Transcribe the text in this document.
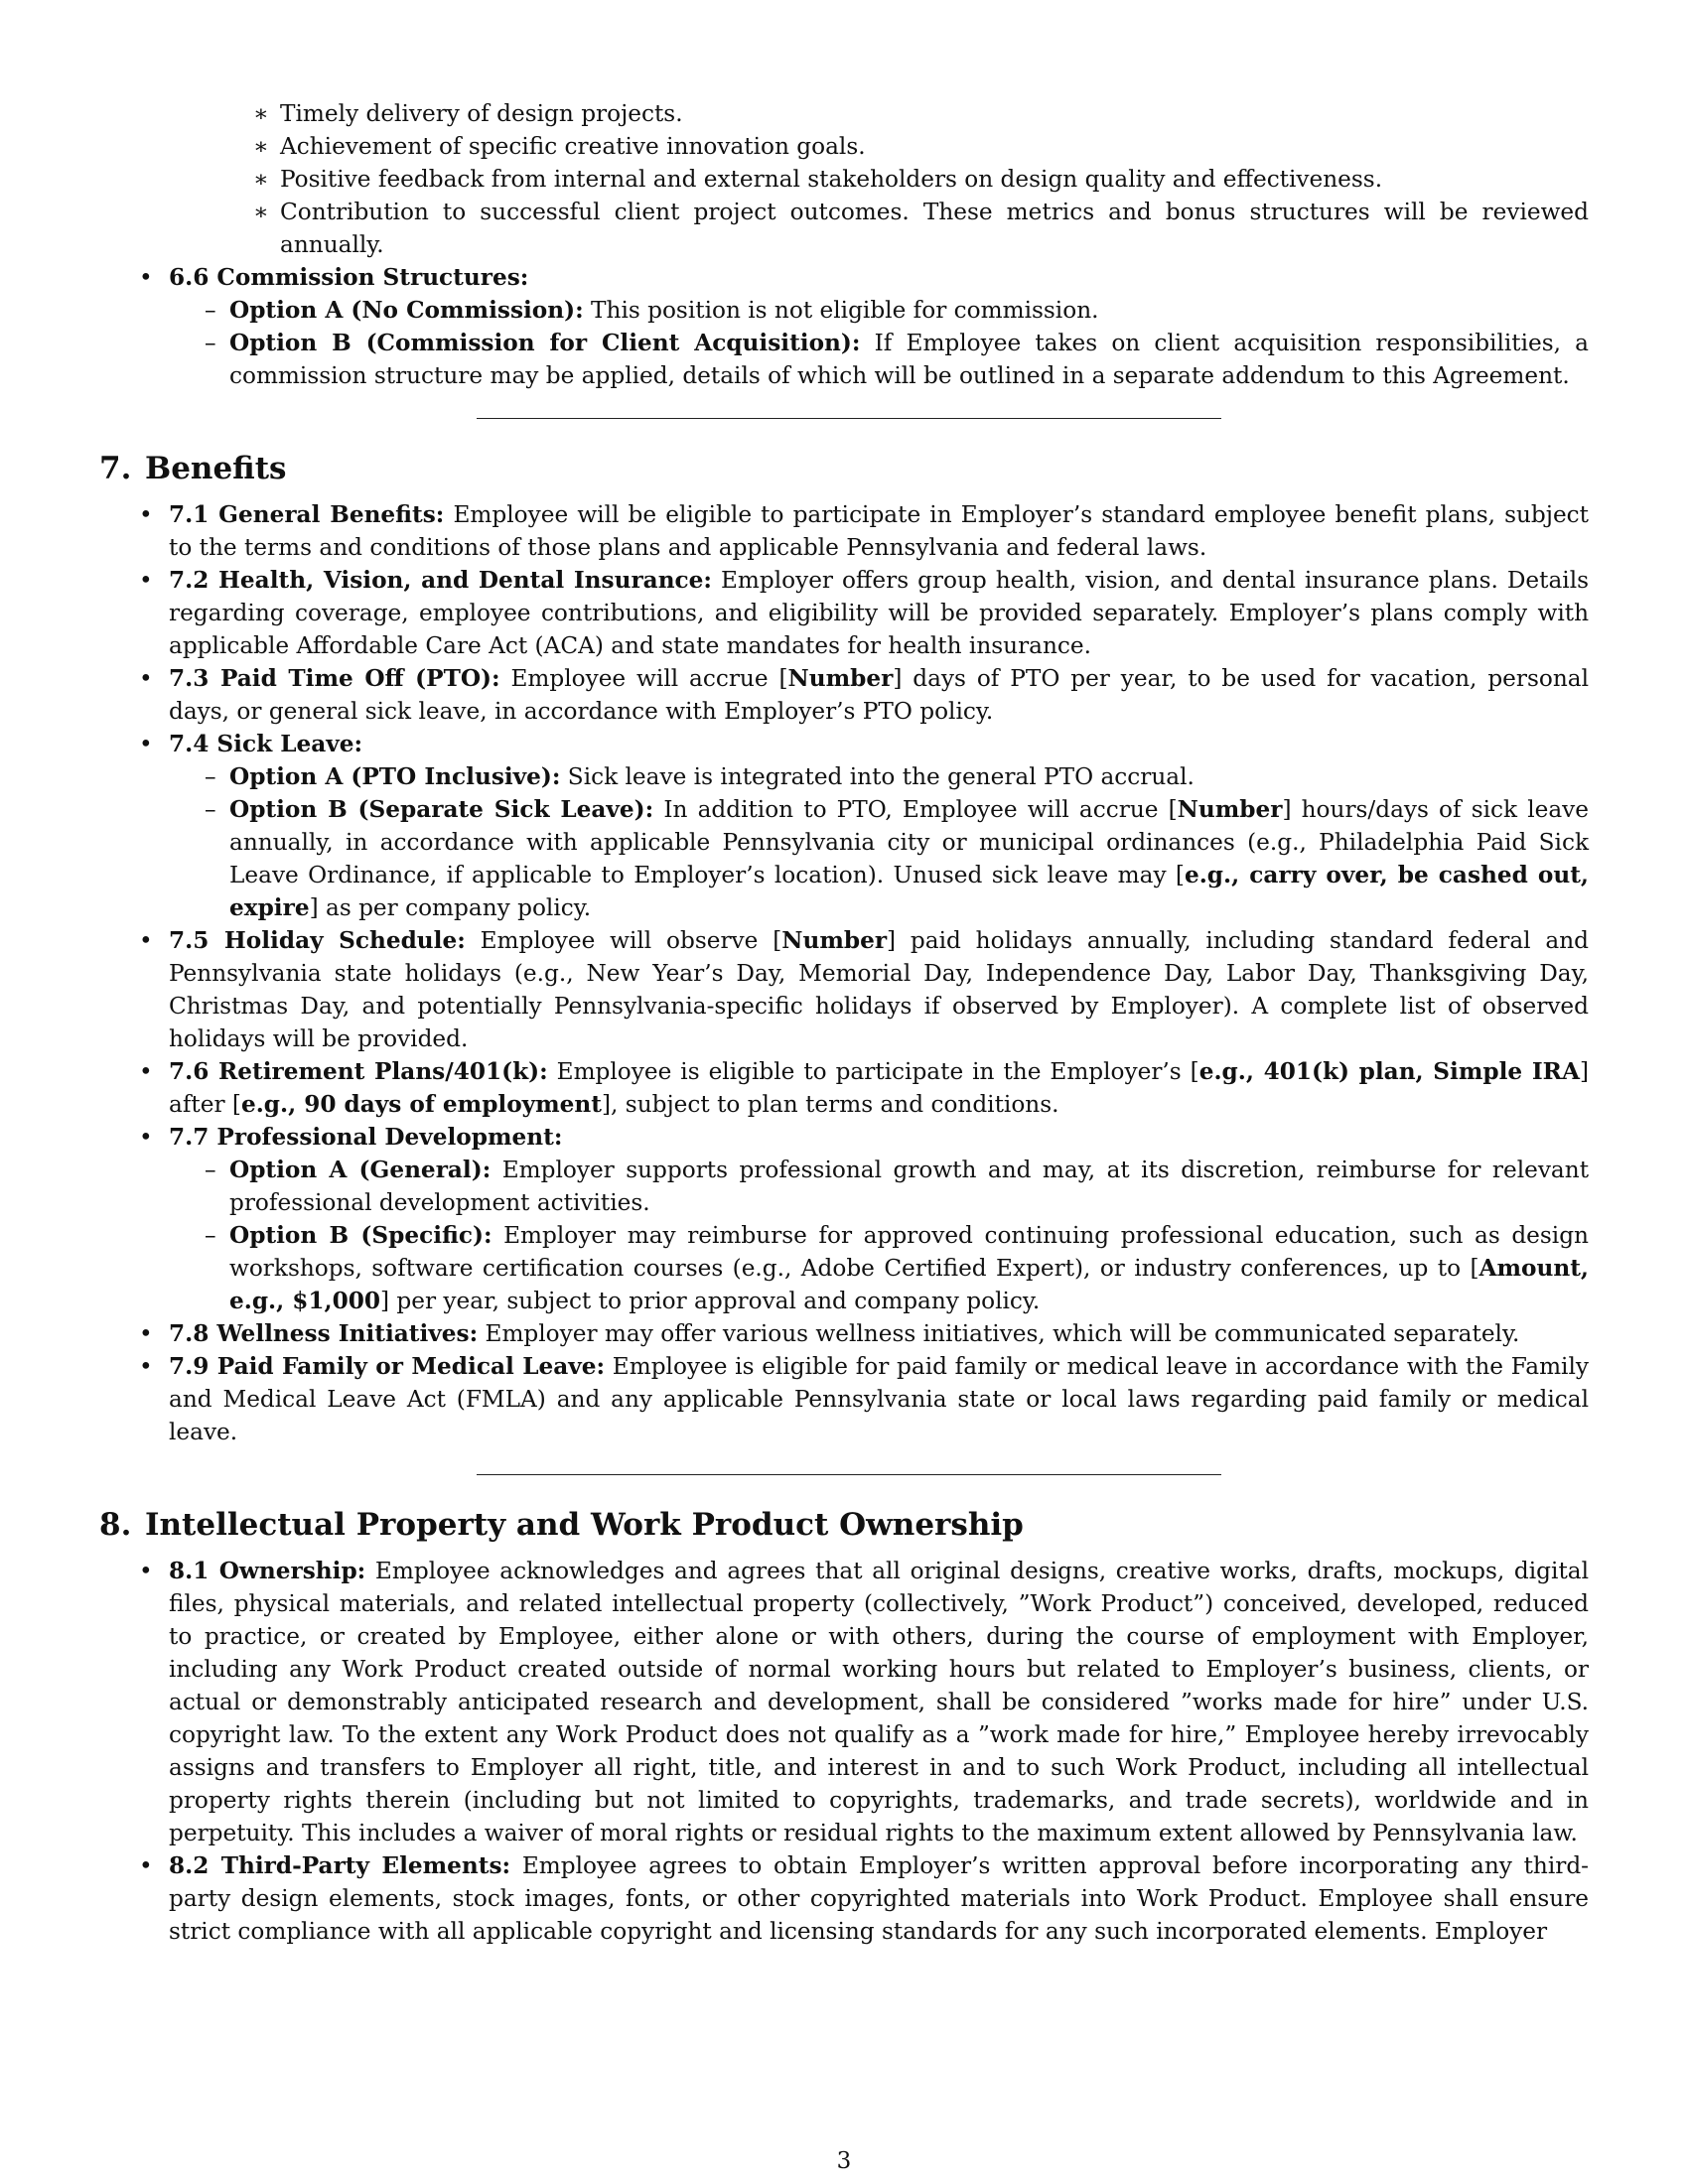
∗ Timely delivery of design projects.
∗ Achievement of specific creative innovation goals.
∗ Positive feedback from internal and external stakeholders on design quality and effectiveness.
∗ Contribution to successful client project outcomes. These metrics and bonus structures will be reviewed annually.
• 6.6 Commission Structures:
– Option A (No Commission): This position is not eligible for commission.
– Option B (Commission for Client Acquisition): If Employee takes on client acquisition responsibilities, a commission structure may be applied, details of which will be outlined in a separate addendum to this Agreement.
7. Benefits
• 7.1 General Benefits: Employee will be eligible to participate in Employer’s standard employee benefit plans, subject to the terms and conditions of those plans and applicable Pennsylvania and federal laws.
• 7.2 Health, Vision, and Dental Insurance: Employer offers group health, vision, and dental insurance plans. Details regarding coverage, employee contributions, and eligibility will be provided separately. Employer’s plans comply with applicable Affordable Care Act (ACA) and state mandates for health insurance.
• 7.3 Paid Time Off (PTO): Employee will accrue [Number] days of PTO per year, to be used for vacation, personal days, or general sick leave, in accordance with Employer’s PTO policy.
• 7.4 Sick Leave:
– Option A (PTO Inclusive): Sick leave is integrated into the general PTO accrual.
– Option B (Separate Sick Leave): In addition to PTO, Employee will accrue [Number] hours/days of sick leave annually, in accordance with applicable Pennsylvania city or municipal ordinances (e.g., Philadelphia Paid Sick Leave Ordinance, if applicable to Employer’s location). Unused sick leave may [e.g., carry over, be cashed out, expire] as per company policy.
• 7.5 Holiday Schedule: Employee will observe [Number] paid holidays annually, including standard federal and Pennsylvania state holidays (e.g., New Year’s Day, Memorial Day, Independence Day, Labor Day, Thanksgiving Day, Christmas Day, and potentially Pennsylvania-specific holidays if observed by Employer). A complete list of observed holidays will be provided.
• 7.6 Retirement Plans/401(k): Employee is eligible to participate in the Employer’s [e.g., 401(k) plan, Simple IRA] after [e.g., 90 days of employment], subject to plan terms and conditions.
• 7.7 Professional Development:
– Option A (General): Employer supports professional growth and may, at its discretion, reimburse for relevant professional development activities.
– Option B (Specific): Employer may reimburse for approved continuing professional education, such as design workshops, software certification courses (e.g., Adobe Certified Expert), or industry conferences, up to [Amount, e.g., $1,000] per year, subject to prior approval and company policy.
• 7.8 Wellness Initiatives: Employer may offer various wellness initiatives, which will be communicated separately.
• 7.9 Paid Family or Medical Leave: Employee is eligible for paid family or medical leave in accordance with the Family and Medical Leave Act (FMLA) and any applicable Pennsylvania state or local laws regarding paid family or medical leave.
8. Intellectual Property and Work Product Ownership
• 8.1 Ownership: Employee acknowledges and agrees that all original designs, creative works, drafts, mockups, digital files, physical materials, and related intellectual property (collectively, ”Work Product”) conceived, developed, reduced to practice, or created by Employee, either alone or with others, during the course of employment with Employer, including any Work Product created outside of normal working hours but related to Employer’s business, clients, or actual or demonstrably anticipated research and development, shall be considered ”works made for hire” under U.S. copyright law. To the extent any Work Product does not qualify as a ”work made for hire,” Employee hereby irrevocably assigns and transfers to Employer all right, title, and interest in and to such Work Product, including all intellectual property rights therein (including but not limited to copyrights, trademarks, and trade secrets), worldwide and in perpetuity. This includes a waiver of moral rights or residual rights to the maximum extent allowed by Pennsylvania law.
• 8.2 Third-Party Elements: Employee agrees to obtain Employer’s written approval before incorporating any third-party design elements, stock images, fonts, or other copyrighted materials into Work Product. Employee shall ensure strict compliance with all applicable copyright and licensing standards for any such incorporated elements. Employer
3
